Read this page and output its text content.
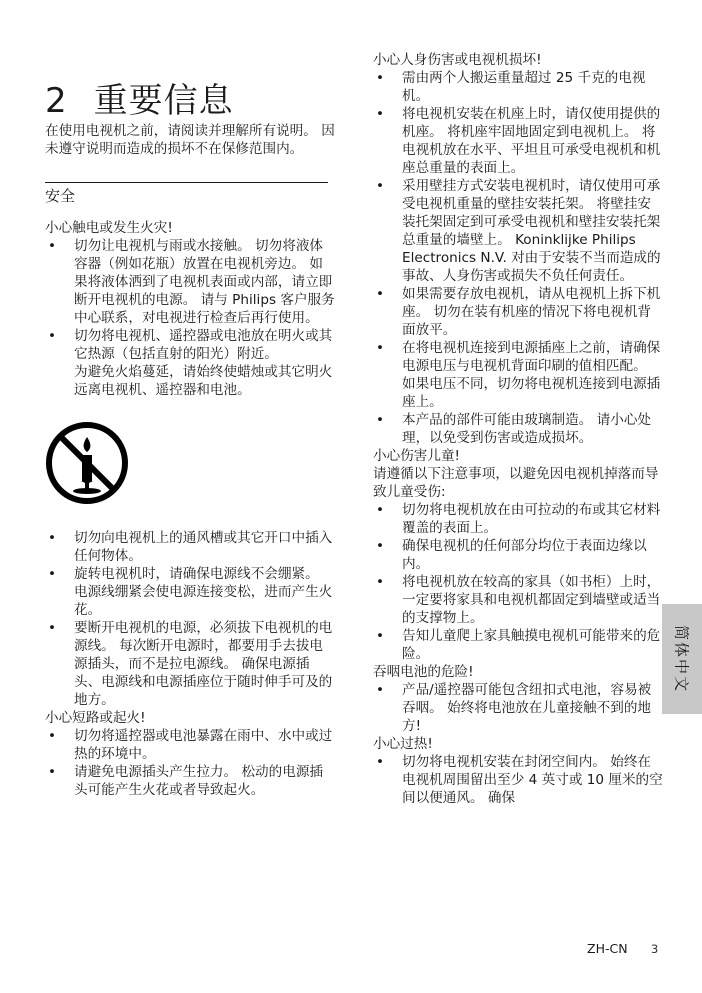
2 重要信息

在使用电视机之前，请阅读并理解所有说明。 因未遵守说明而造成的损坏不在保修范围内。

安全

小心触电或发生火灾!

• 切勿让电视机与雨或水接触。 切勿将液体容器（例如花瓶）放置在电视机旁边。 如果将液体洒到了电视机表面或内部，请立即断开电视机的电源。 请与 Philips 客户服务中心联系，对电视进行检查后再行使用。
• 切勿将电视机、遥控器或电池放在明火或其它热源（包括直射的阳光）附近。
为避免火焰蔓延，请始终使蜡烛或其它明火远离电视机、遥控器和电池。
• 切勿向电视机上的通风槽或其它开口中插入任何物体。
• 旋转电视机时，请确保电源线不会绷紧。 电源线绷紧会使电源连接变松，进而产生火花。
• 要断开电视机的电源，必须拔下电视机的电源线。 每次断开电源时，都要用手去拔电源插头，而不是拉电源线。 确保电源插头、电源线和电源插座位于随时伸手可及的地方。

小心短路或起火!

• 切勿将遥控器或电池暴露在雨中、水中或过热的环境中。
• 请避免电源插头产生拉力。 松动的电源插头可能产生火花或者导致起火。

小心人身伤害或电视机损坏!

• 需由两个人搬运重量超过 25 千克的电视机。
• 将电视机安装在机座上时，请仅使用提供的机座。 将机座牢固地固定到电视机上。 将电视机放在水平、平坦且可承受电视机和机座总重量的表面上。
• 采用壁挂方式安装电视机时，请仅使用可承受电视机重量的壁挂安装托架。 将壁挂安装托架固定到可承受电视机和壁挂安装托架总重量的墙壁上。 Koninklijke Philips Electronics N.V. 对由于安装不当而造成的事故、人身伤害或损失不负任何责任。
• 如果需要存放电视机，请从电视机上拆下机座。 切勿在装有机座的情况下将电视机背面放平。
• 在将电视机连接到电源插座上之前，请确保电源电压与电视机背面印刷的值相匹配。 如果电压不同，切勿将电视机连接到电源插座上。
• 本产品的部件可能由玻璃制造。 请小心处理，以免受到伤害或造成损坏。

小心伤害儿童!

请遵循以下注意事项，以避免因电视机掉落而导致儿童受伤:

• 切勿将电视机放在由可拉动的布或其它材料覆盖的表面上。
• 确保电视机的任何部分均位于表面边缘以内。
• 将电视机放在较高的家具（如书柜）上时，一定要将家具和电视机都固定到墙壁或适当的支撑物上。
• 告知儿童爬上家具触摸电视机可能带来的危险。

吞咽电池的危险!

• 产品/遥控器可能包含纽扣式电池，容易被吞咽。 始终将电池放在儿童接触不到的地方!

小心过热!

• 切勿将电视机安装在封闭空间内。 始终在电视机周围留出至少 4 英寸或 10 厘米的空间以便通风。 确保
简体中文
ZH-CN 3
